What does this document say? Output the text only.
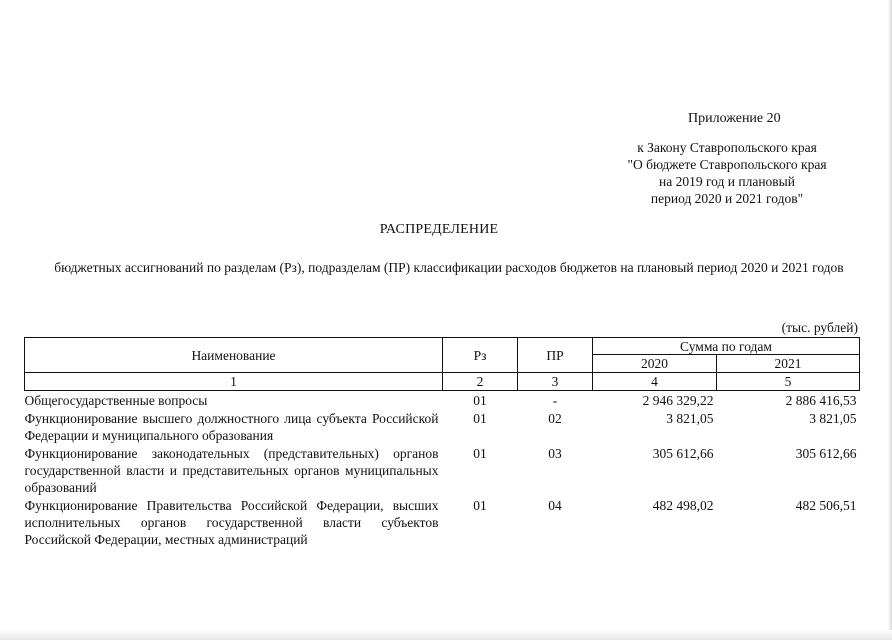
Приложение 20
к Закону Ставропольского края
"О бюджете Ставропольского края
на 2019 год и плановый
период 2020 и 2021 годов"
РАСПРЕДЕЛЕНИЕ
бюджетных ассигнований по разделам (Рз), подразделам (ПР) классификации расходов бюджетов на плановый период 2020 и 2021 годов
(тыс. рублей)
Наименование	Рз	ПР	Сумма по годам	
			2020	2021
1	2	3	4	5
Общегосударственные вопросы	01	-	2 946 329,22	2 886 416,53
Функционирование высшего должностного лица субъекта Российской Федерации и муниципального образования	01	02	3 821,05	3 821,05
Функционирование законодательных (представительных) органов государственной власти и представительных органов муниципальных образований	01	03	305 612,66	305 612,66
Функционирование Правительства Российской Федерации, высших исполнительных органов государственной власти субъектов Российской Федерации, местных администраций	01	04	482 498,02	482 506,51
